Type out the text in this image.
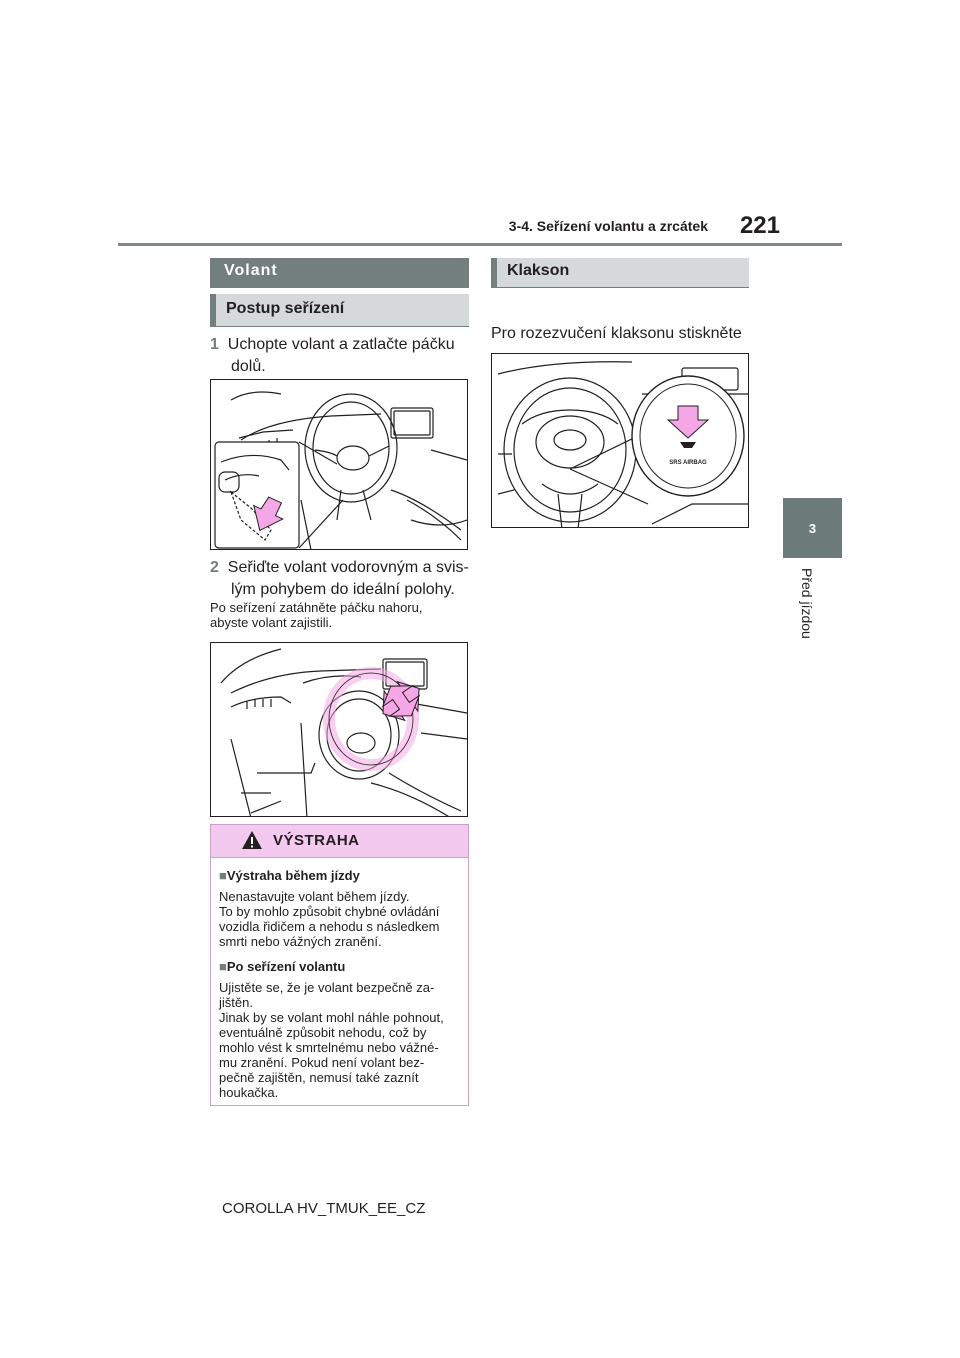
3-4. Seřízení volantu a zrcátek	221
3
Před jízdou
Volant
Postup seřízení
1 Uchopte volant a zatlačte páčku
dolů.
2 Seřiďte volant vodorovným a svis-
lým pohybem do ideální polohy.
Po seřízení zatáhněte páčku nahoru,
abyste volant zajistili.
VÝSTRAHA
■Výstraha během jízdy
Nenastavujte volant během jízdy.
To by mohlo způsobit chybné ovládání
vozidla řidičem a nehodu s následkem
smrti nebo vážných zranění.
■Po seřízení volantu
Ujistěte se, že je volant bezpečně za-
jištěn.
Jinak by se volant mohl náhle pohnout,
eventuálně způsobit nehodu, což by
mohlo vést k smrtelnému nebo vážné-
mu zranění. Pokud není volant bez-
pečně zajištěn, nemusí také zaznít
houkačka.
Klakson
Pro rozezvučení klaksonu stiskněte
SRS AIRBAG
COROLLA HV_TMUK_EE_CZ
